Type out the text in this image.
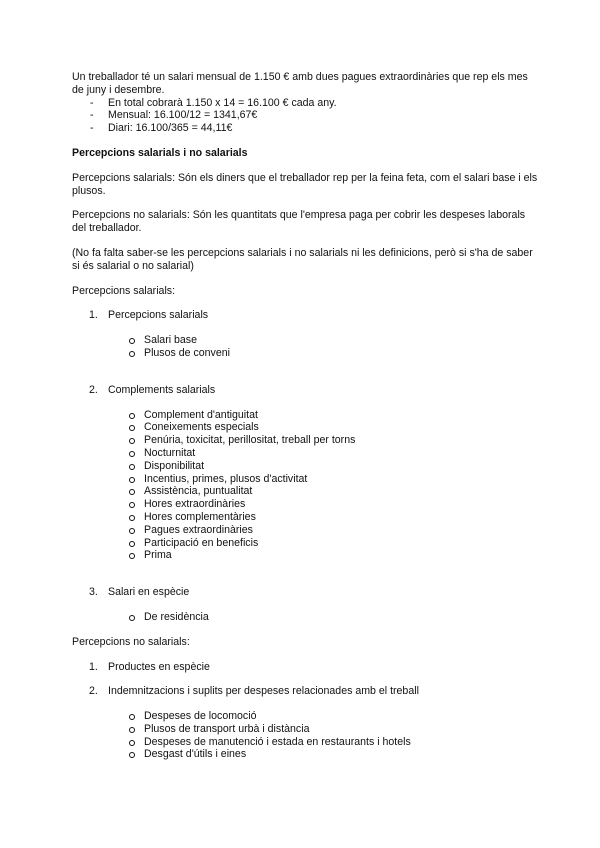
Un treballador té un salari mensual de 1.150 € amb dues pagues extraordinàries que rep els mes de juny i desembre.

- En total cobrarà 1.150 x 14 = 16.100 € cada any.
- Mensual: 16.100/12 = 1341,67€
- Diari: 16.100/365 = 44,11€

Percepcions salarials i no salarials

Percepcions salarials: Són els diners que el treballador rep per la feina feta, com el salari base i els plusos.

Percepcions no salarials: Són les quantitats que l'empresa paga per cobrir les despeses laborals del treballador.

(No fa falta saber-se les percepcions salarials i no salarials ni les definicions, però si s'ha de saber si és salarial o no salarial)

Percepcions salarials:

1. Percepcions salarials
Salari base
Plusos de conveni
2. Complements salarials
Complement d'antiguitat
Coneixements especials
Penúria, toxicitat, perillositat, treball per torns
Nocturnitat
Disponibilitat
Incentius, primes, plusos d'activitat
Assistència, puntualitat
Hores extraordinàries
Hores complementàries
Pagues extraordinàries
Participació en beneficis
Prima
3. Salari en espècie
De residència

Percepcions no salarials:

1. Productes en espècie
2. Indemnitzacions i suplits per despeses relacionades amb el treball
Despeses de locomoció
Plusos de transport urbà i distància
Despeses de manutenció i estada en restaurants i hotels
Desgast d'útils i eines
